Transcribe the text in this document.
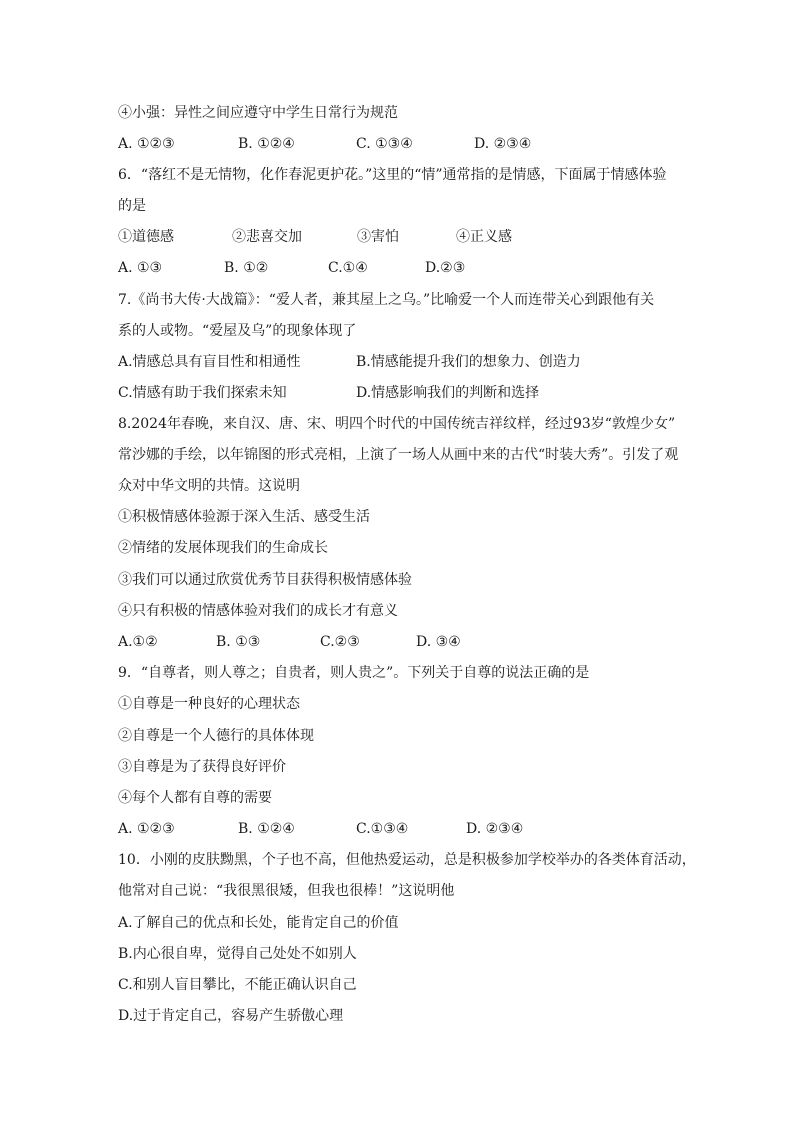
④小强：异性之间应遵守中学生日常行为规范
A. ①②③	B. ①②④	C. ①③④	D. ②③④
6．“落红不是无情物，化作春泥更护花。”这里的“情”通常指的是情感，下面属于情感体验
的是
①道德感	②悲喜交加	③害怕	④正义感
A. ①③	B. ①②	C.①④	D.②③
7.《尚书大传·大战篇》：“爱人者，兼其屋上之乌。”比喻爱一个人而连带关心到跟他有关
系的人或物。“爱屋及乌”的现象体现了
A.情感总具有盲目性和相通性	B.情感能提升我们的想象力、创造力
C.情感有助于我们探索未知	D.情感影响我们的判断和选择
8.2024年春晚，来自汉、唐、宋、明四个时代的中国传统吉祥纹样，经过93岁“敦煌少女”
常沙娜的手绘，以年锦图的形式亮相，上演了一场人从画中来的古代“时装大秀”。引发了观
众对中华文明的共情。这说明
①积极情感体验源于深入生活、感受生活
②情绪的发展体现我们的生命成长
③我们可以通过欣赏优秀节目获得积极情感体验
④只有积极的情感体验对我们的成长才有意义
A.①②	B. ①③	C.②③	D. ③④
9．“自尊者，则人尊之；自贵者，则人贵之”。下列关于自尊的说法正确的是
①自尊是一种良好的心理状态
②自尊是一个人德行的具体体现
③自尊是为了获得良好评价
④每个人都有自尊的需要
A. ①②③	B. ①②④	C.①③④	D. ②③④
10．小刚的皮肤黝黑，个子也不高，但他热爱运动，总是积极参加学校举办的各类体育活动，
他常对自己说：“我很黑很矮，但我也很棒！”这说明他
A.了解自己的优点和长处，能肯定自己的价值
B.内心很自卑，觉得自己处处不如别人
C.和别人盲目攀比，不能正确认识自己
D.过于肯定自己，容易产生骄傲心理
